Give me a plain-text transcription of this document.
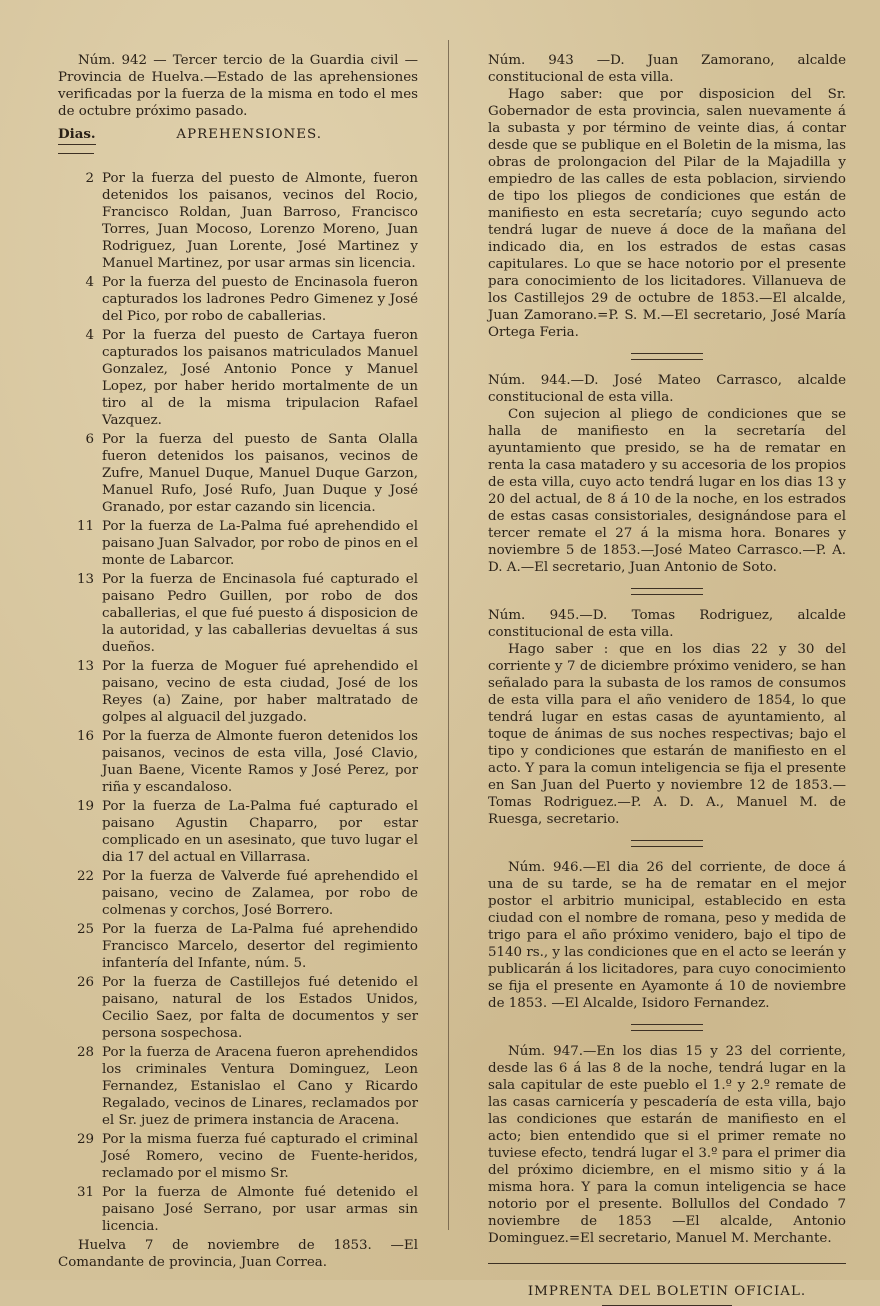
Núm. 942 — Tercer tercio de la Guardia civil — Provincia de Huelva.—Estado de las aprehensiones verificadas por la fuerza de la misma en todo el mes de octubre próximo pasado.

Dias.	APREHENSIONES.
2 Por la fuerza del puesto de Almonte, fueron detenidos los paisanos, vecinos del Rocio, Francisco Roldan, Juan Barroso, Francisco Torres, Juan Mocoso, Lorenzo Moreno, Juan Rodriguez, Juan Lorente, José Martinez y Manuel Martinez, por usar armas sin licencia.
4 Por la fuerza del puesto de Encinasola fueron capturados los ladrones Pedro Gimenez y José del Pico, por robo de caballerias.
4 Por la fuerza del puesto de Cartaya fueron capturados los paisanos matriculados Manuel Gonzalez, José Antonio Ponce y Manuel Lopez, por haber herido mortalmente de un tiro al de la misma tripulacion Rafael Vazquez.
6 Por la fuerza del puesto de Santa Olalla fueron detenidos los paisanos, vecinos de Zufre, Manuel Duque, Manuel Duque Garzon, Manuel Rufo, José Rufo, Juan Duque y José Granado, por estar cazando sin licencia.
11 Por la fuerza de La-Palma fué aprehendido el paisano Juan Salvador, por robo de pinos en el monte de Labarcor.
13 Por la fuerza de Encinasola fué capturado el paisano Pedro Guillen, por robo de dos caballerias, el que fué puesto á disposicion de la autoridad, y las caballerias devueltas á sus dueños.
13 Por la fuerza de Moguer fué aprehendido el paisano, vecino de esta ciudad, José de los Reyes (a) Zaine, por haber maltratado de golpes al alguacil del juzgado.
16 Por la fuerza de Almonte fueron detenidos los paisanos, vecinos de esta villa, José Clavio, Juan Baene, Vicente Ramos y José Perez, por riña y escandaloso.
19 Por la fuerza de La-Palma fué capturado el paisano Agustin Chaparro, por estar complicado en un asesinato, que tuvo lugar el dia 17 del actual en Villarrasa.
22 Por la fuerza de Valverde fué aprehendido el paisano, vecino de Zalamea, por robo de colmenas y corchos, José Borrero.
25 Por la fuerza de La-Palma fué aprehendido Francisco Marcelo, desertor del regimiento infantería del Infante, núm. 5.
26 Por la fuerza de Castillejos fué detenido el paisano, natural de los Estados Unidos, Cecilio Saez, por falta de documentos y ser persona sospechosa.
28 Por la fuerza de Aracena fueron aprehendidos los criminales Ventura Dominguez, Leon Fernandez, Estanislao el Cano y Ricardo Regalado, vecinos de Linares, reclamados por el Sr. juez de primera instancia de Aracena.
29 Por la misma fuerza fué capturado el criminal José Romero, vecino de Fuente-heridos, reclamado por el mismo Sr.
31 Por la fuerza de Almonte fué detenido el paisano José Serrano, por usar armas sin licencia.

Huelva 7 de noviembre de 1853. —El Comandante de provincia, Juan Correa.

Núm. 943 —D. Juan Zamorano, alcalde constitucional de esta villa.

Hago saber: que por disposicion del Sr. Gobernador de esta provincia, salen nuevamente á la subasta y por término de veinte dias, á contar desde que se publique en el Boletin de la misma, las obras de prolongacion del Pilar de la Majadilla y empiedro de las calles de esta poblacion, sirviendo de tipo los pliegos de condiciones que están de manifiesto en esta secretaría; cuyo segundo acto tendrá lugar de nueve á doce de la mañana del indicado dia, en los estrados de estas casas capitulares. Lo que se hace notorio por el presente para conocimiento de los licitadores. Villanueva de los Castillejos 29 de octubre de 1853.—El alcalde, Juan Zamorano.=P. S. M.—El secretario, José María Ortega Feria.

Núm. 944.—D. José Mateo Carrasco, alcalde constitucional de esta villa.

Con sujecion al pliego de condiciones que se halla de manifiesto en la secretaría del ayuntamiento que presido, se ha de rematar en renta la casa matadero y su accesoria de los propios de esta villa, cuyo acto tendrá lugar en los dias 13 y 20 del actual, de 8 á 10 de la noche, en los estrados de estas casas consistoriales, designándose para el tercer remate el 27 á la misma hora. Bonares y noviembre 5 de 1853.—José Mateo Carrasco.—P. A. D. A.—El secretario, Juan Antonio de Soto.

Núm. 945.—D. Tomas Rodriguez, alcalde constitucional de esta villa.

Hago saber : que en los dias 22 y 30 del corriente y 7 de diciembre próximo venidero, se han señalado para la subasta de los ramos de consumos de esta villa para el año venidero de 1854, lo que tendrá lugar en estas casas de ayuntamiento, al toque de ánimas de sus noches respectivas; bajo el tipo y condiciones que estarán de manifiesto en el acto. Y para la comun inteligencia se fija el presente en San Juan del Puerto y noviembre 12 de 1853.—Tomas Rodriguez.—P. A. D. A., Manuel M. de Ruesga, secretario.

Núm. 946.—El dia 26 del corriente, de doce á una de su tarde, se ha de rematar en el mejor postor el arbitrio municipal, establecido en esta ciudad con el nombre de romana, peso y medida de trigo para el año próximo venidero, bajo el tipo de 5140 rs., y las condiciones que en el acto se leerán y publicarán á los licitadores, para cuyo conocimiento se fija el presente en Ayamonte á 10 de noviembre de 1853. —El Alcalde, Isidoro Fernandez.

Núm. 947.—En los dias 15 y 23 del corriente, desde las 6 á las 8 de la noche, tendrá lugar en la sala capitular de este pueblo el 1.º y 2.º remate de las casas carnicería y pescadería de esta villa, bajo las condiciones que estarán de manifiesto en el acto; bien entendido que si el primer remate no tuviese efecto, tendrá lugar el 3.º para el primer dia del próximo diciembre, en el mismo sitio y á la misma hora. Y para la comun inteligencia se hace notorio por el presente. Bollullos del Condado 7 noviembre de 1853 —El alcalde, Antonio Dominguez.=El secretario, Manuel M. Merchante.

IMPRENTA DEL BOLETIN OFICIAL.
